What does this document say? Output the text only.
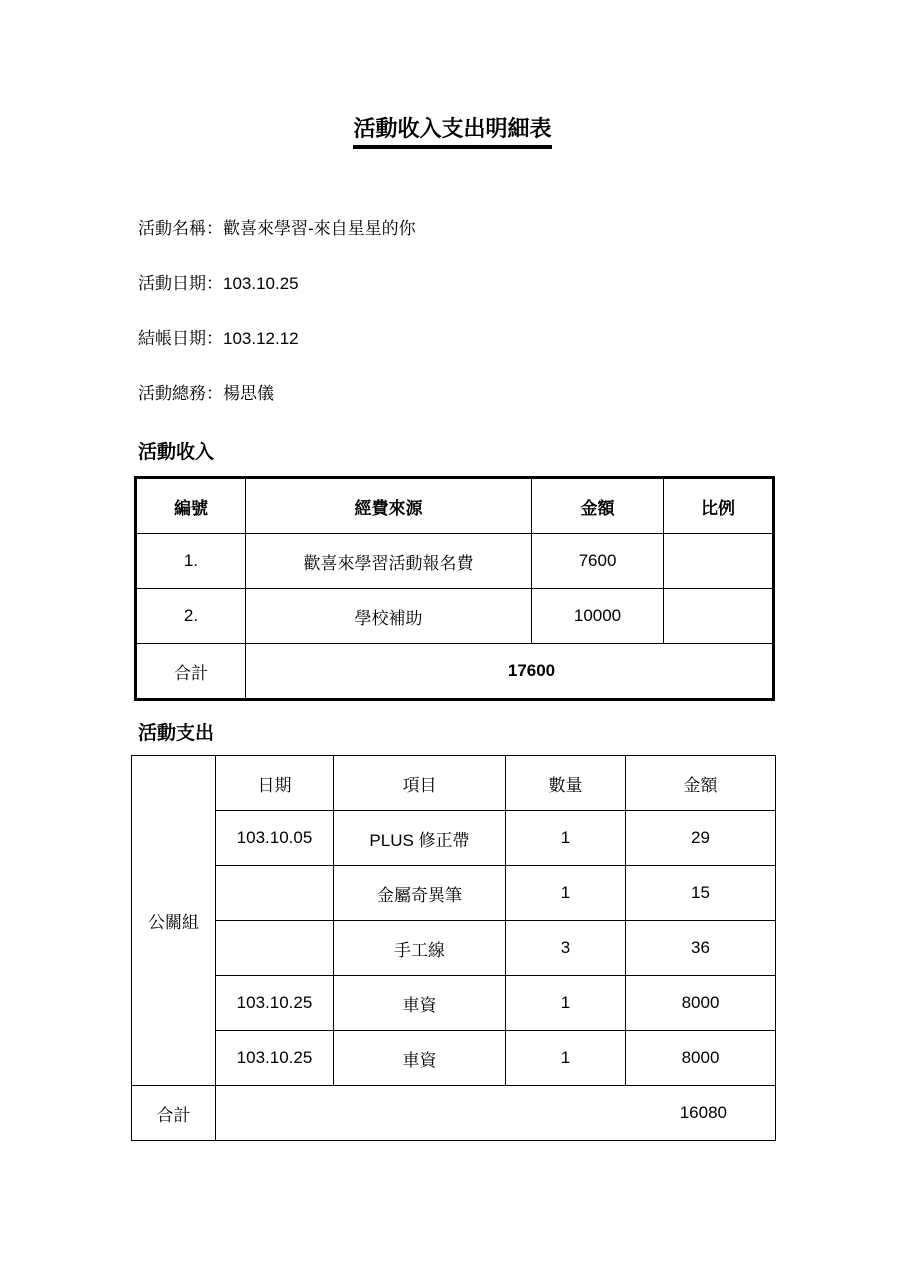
活動收入支出明細表
活動名稱：歡喜來學習-來自星星的你
活動日期：103.10.25
結帳日期：103.12.12
活動總務：楊思儀
活動收入
編號	經費來源	金額	比例
1.	歡喜來學習活動報名費	7600	
2.	學校補助	10000	
合計	17600		
活動支出
公關組	日期	項目	數量	金額
	103.10.05	PLUS 修正帶	1	29
		金屬奇異筆	1	15
		手工線	3	36
	103.10.25	車資	1	8000
	103.10.25	車資	1	8000
合計	16080			
